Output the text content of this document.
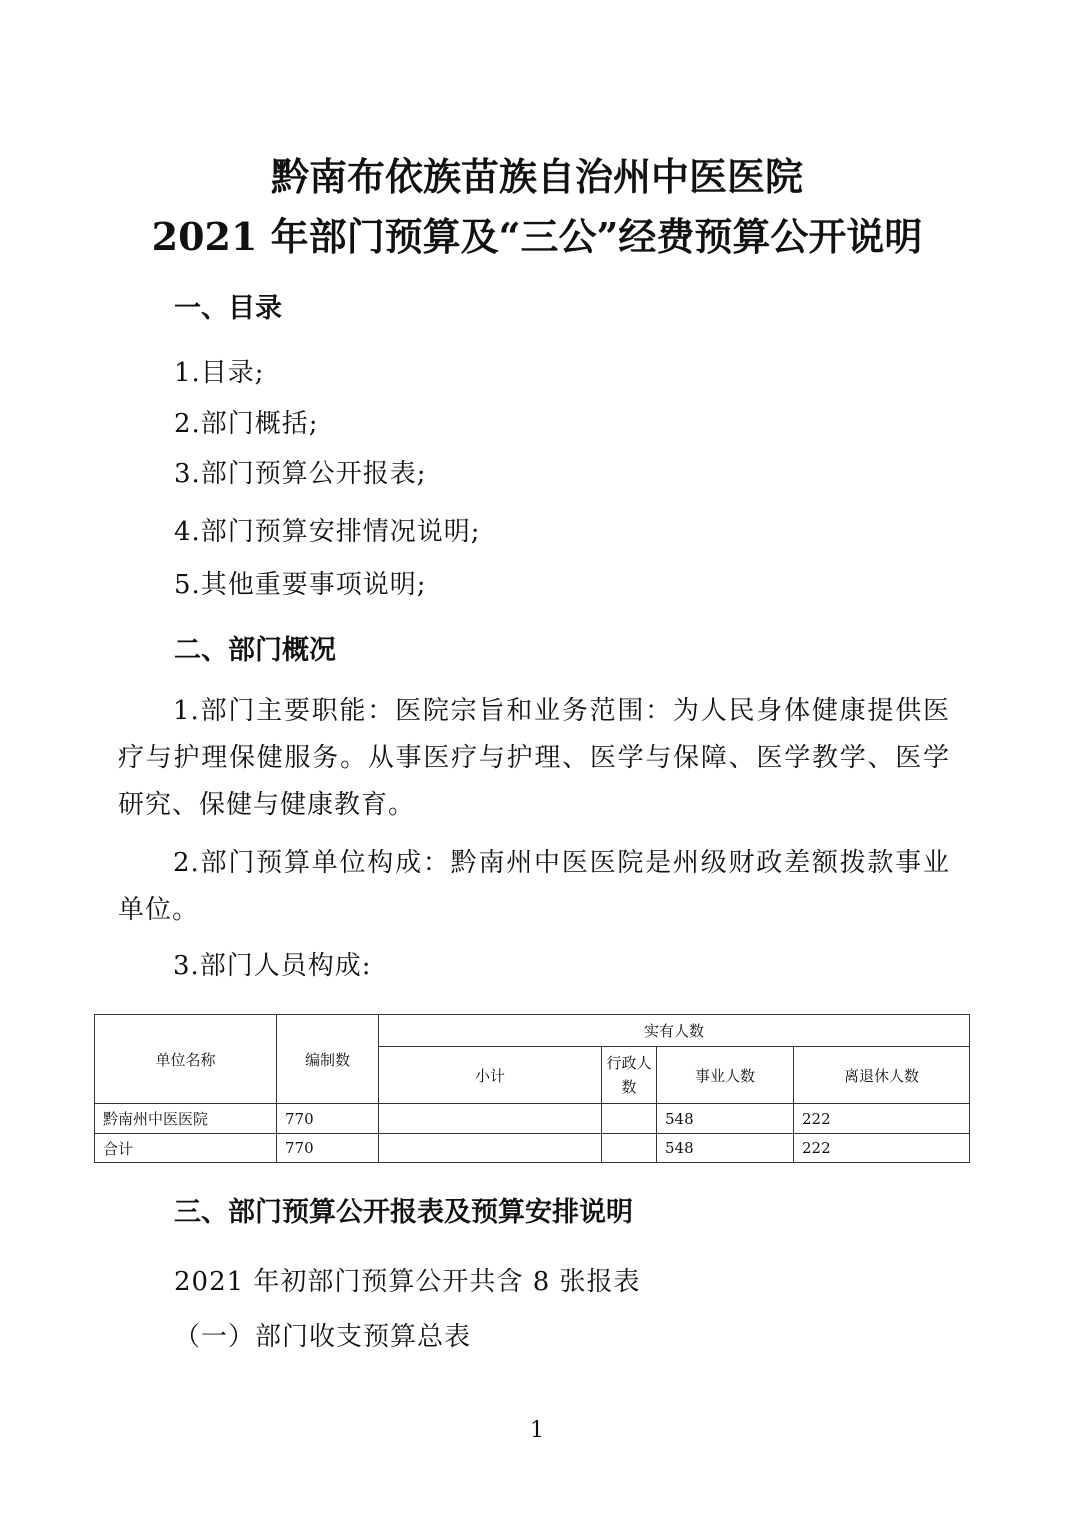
黔南布依族苗族自治州中医医院
2021 年部门预算及“三公”经费预算公开说明
一、目录
1.目录;
2.部门概括;
3.部门预算公开报表;
4.部门预算安排情况说明;
5.其他重要事项说明;
二、部门概况
1.部门主要职能：医院宗旨和业务范围：为人民身体健康提供医疗与护理保健服务。从事医疗与护理、医学与保障、医学教学、医学研究、保健与健康教育。
2.部门预算单位构成：黔南州中医医院是州级财政差额拨款事业单位。
3.部门人员构成:
单位名称	编制数	实有人数			
		小计	行政人数	事业人数	离退休人数
黔南州中医医院	770			548	222
合计	770			548	222
三、部门预算公开报表及预算安排说明
2021 年初部门预算公开共含 8 张报表
（一）部门收支预算总表
1
